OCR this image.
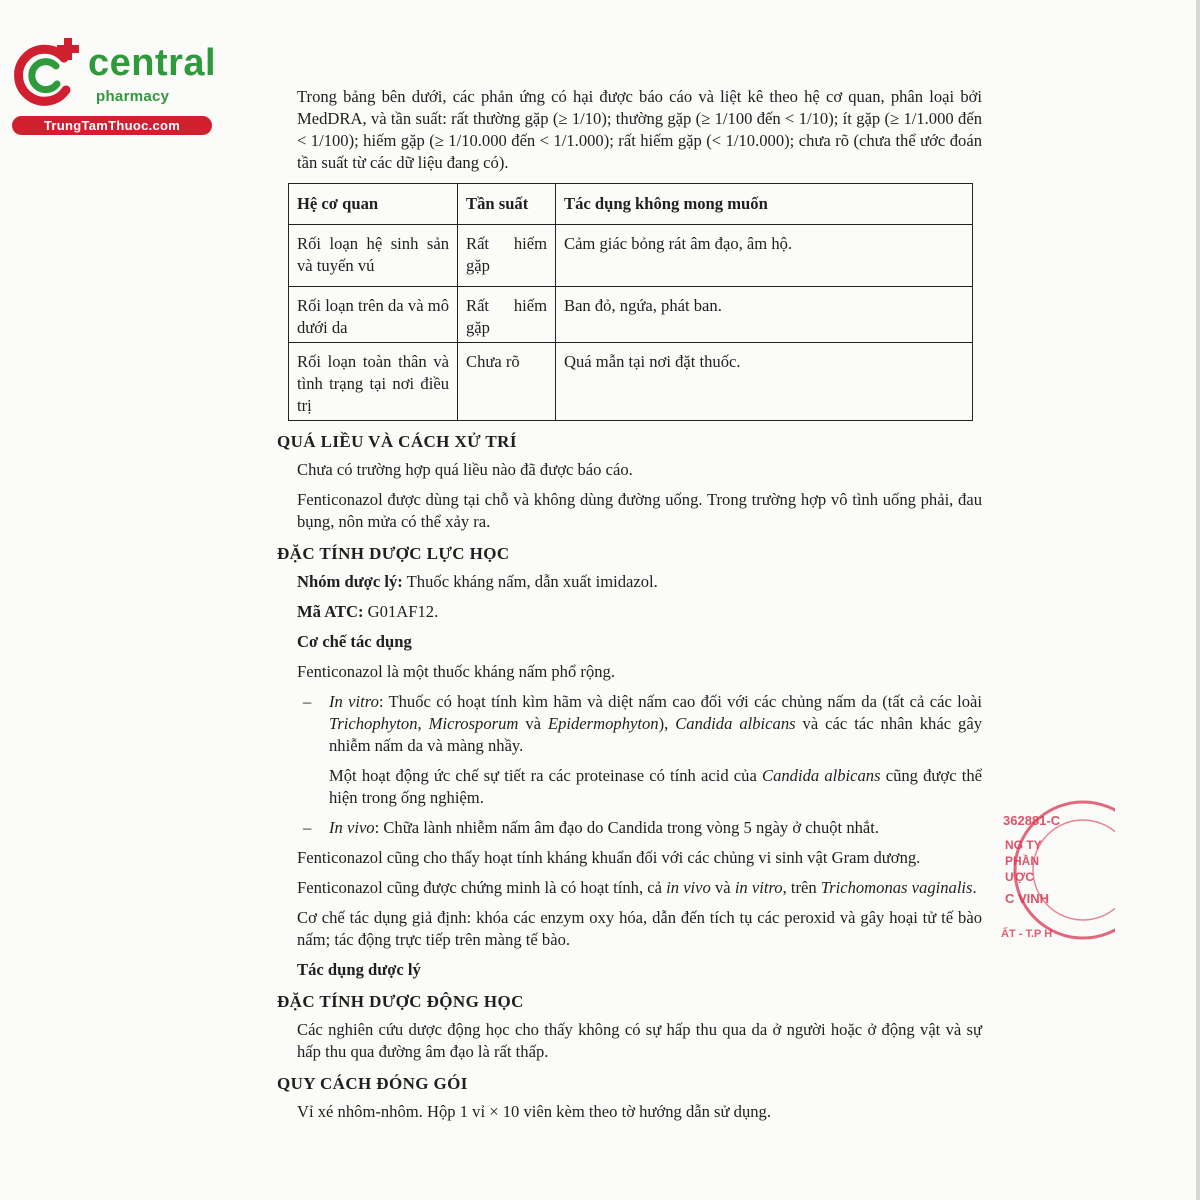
central
pharmacy
TrungTamThuoc.com

Trong bảng bên dưới, các phản ứng có hại được báo cáo và liệt kê theo hệ cơ quan, phân loại bởi MedDRA, và tần suất: rất thường gặp (≥ 1/10); thường gặp (≥ 1/100 đến < 1/10); ít gặp (≥ 1/1.000 đến < 1/100); hiếm gặp (≥ 1/10.000 đến < 1/1.000); rất hiếm gặp (< 1/10.000); chưa rõ (chưa thể ước đoán tần suất từ các dữ liệu đang có).

Hệ cơ quan	Tần suất	Tác dụng không mong muốn
Rối loạn hệ sinh sản và tuyến vú	Rất hiếm gặp	Cảm giác bỏng rát âm đạo, âm hộ.
Rối loạn trên da và mô dưới da	Rất hiếm gặp	Ban đỏ, ngứa, phát ban.
Rối loạn toàn thân và tình trạng tại nơi điều trị	Chưa rõ	Quá mẫn tại nơi đặt thuốc.
QUÁ LIỀU VÀ CÁCH XỬ TRÍ

Chưa có trường hợp quá liều nào đã được báo cáo.

Fenticonazol được dùng tại chỗ và không dùng đường uống. Trong trường hợp vô tình uống phải, đau bụng, nôn mửa có thể xảy ra.

ĐẶC TÍNH DƯỢC LỰC HỌC

Nhóm dược lý: Thuốc kháng nấm, dẫn xuất imidazol.

Mã ATC: G01AF12.

Cơ chế tác dụng

Fenticonazol là một thuốc kháng nấm phổ rộng.

– In vitro: Thuốc có hoạt tính kìm hãm và diệt nấm cao đối với các chủng nấm da (tất cả các loài Trichophyton, Microsporum và Epidermophyton), Candida albicans và các tác nhân khác gây nhiễm nấm da và màng nhầy.

Một hoạt động ức chế sự tiết ra các proteinase có tính acid của Candida albicans cũng được thể hiện trong ống nghiệm.

– In vivo: Chữa lành nhiễm nấm âm đạo do Candida trong vòng 5 ngày ở chuột nhắt.

Fenticonazol cũng cho thấy hoạt tính kháng khuẩn đối với các chủng vi sinh vật Gram dương.

Fenticonazol cũng được chứng minh là có hoạt tính, cả in vivo và in vitro, trên Trichomonas vaginalis.

Cơ chế tác dụng giả định: khóa các enzym oxy hóa, dẫn đến tích tụ các peroxid và gây hoại tử tế bào nấm; tác động trực tiếp trên màng tế bào.

Tác dụng dược lý
ĐẶC TÍNH DƯỢC ĐỘNG HỌC

Các nghiên cứu dược động học cho thấy không có sự hấp thu qua da ở người hoặc ở động vật và sự hấp thu qua đường âm đạo là rất thấp.

QUY CÁCH ĐÓNG GÓI

Vỉ xé nhôm-nhôm. Hộp 1 vỉ × 10 viên kèm theo tờ hướng dẫn sử dụng.

362881-C
NG TY
PHẦN
ƯỢC
C VINH
ẤT - T.P H
